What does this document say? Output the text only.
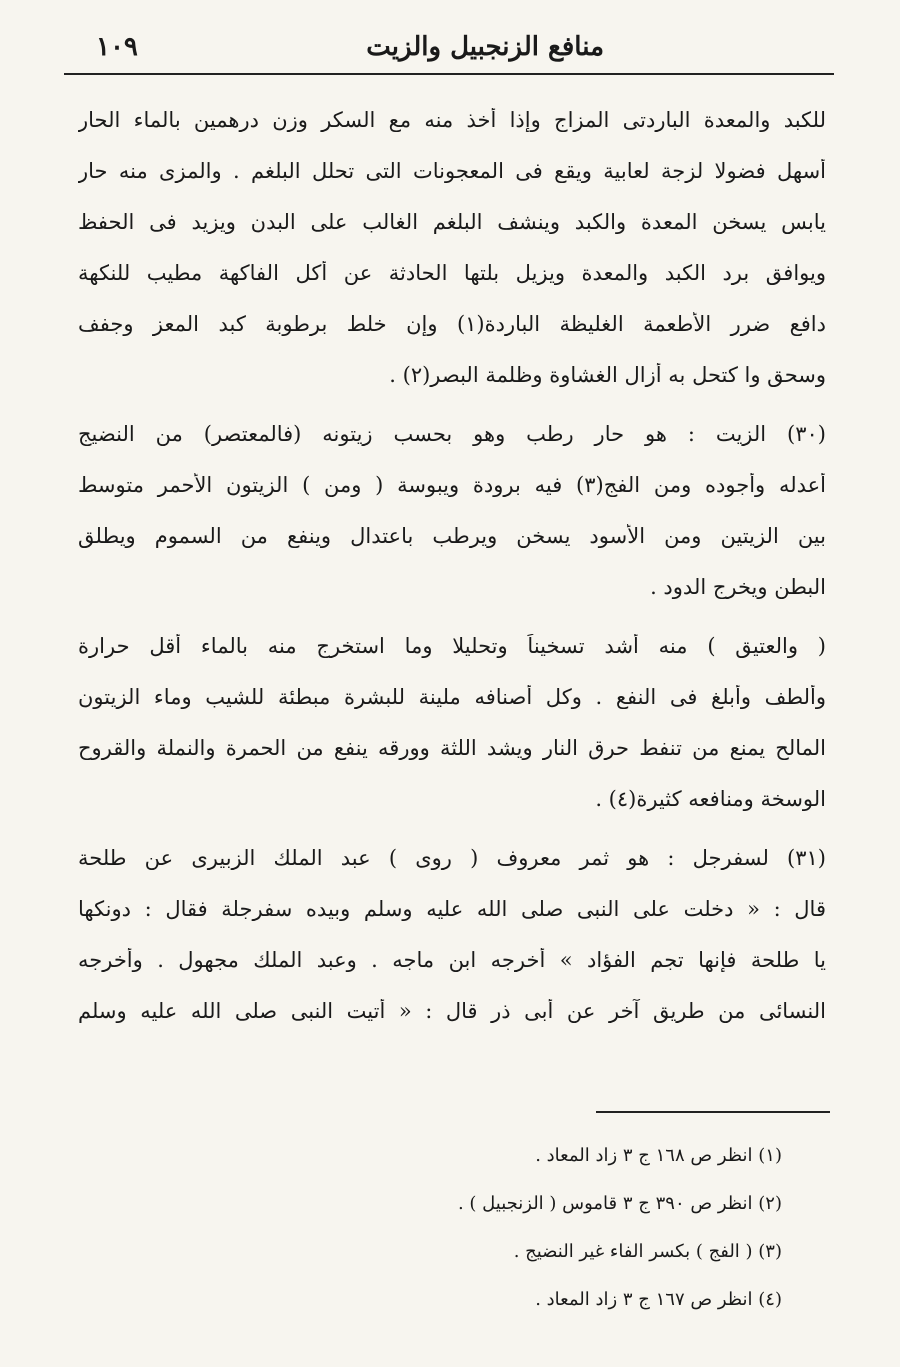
منافع الزنجبيل والزيت
١٠٩
للكبد والمعدة الباردتى المزاج وإذا أخذ منه مع السكر وزن درهمين بالماء الحار
أسهل فضولا لزجة لعابية ويقع فى المعجونات التى تحلل البلغم . والمزى منه حار
يابس يسخن المعدة والكبد وينشف البلغم الغالب على البدن ويزيد فى الحفظ
ويوافق برد الكبد والمعدة ويزيل بلتها الحادثة عن أكل الفاكهة مطيب للنكهة
دافع ضرر الأطعمة الغليظة الباردة(١) وإن خلط برطوبة كبد المعز وجفف
وسحق وا كتحل به أزال الغشاوة وظلمة البصر(٢) .
(٣٠) الزيت : هو حار رطب وهو بحسب زيتونه (فالمعتصر) من النضيج
أعدله وأجوده ومن الفج(٣) فيه برودة ويبوسة ( ومن ) الزيتون الأحمر متوسط
بين الزيتين ومن الأسود يسخن ويرطب باعتدال وينفع من السموم ويطلق
البطن ويخرج الدود .
( والعتيق ) منه أشد تسخيناً وتحليلا وما استخرج منه بالماء أقل حرارة
وألطف وأبلغ فى النفع . وكل أصنافه ملينة للبشرة مبطئة للشيب وماء الزيتون
المالح يمنع من تنفط حرق النار ويشد اللثة وورقه ينفع من الحمرة والنملة والقروح
الوسخة ومنافعه كثيرة(٤) .
(٣١) لسفرجل : هو ثمر معروف ( روى ) عبد الملك الزبيرى عن طلحة
قال : « دخلت على النبى صلى الله عليه وسلم وبيده سفرجلة فقال : دونكها
يا طلحة فإنها تجم الفؤاد » أخرجه ابن ماجه . وعبد الملك مجهول . وأخرجه
النسائى من طريق آخر عن أبى ذر قال : « أتيت النبى صلى الله عليه وسلم
(١) انظر ص ١٦٨ ج ٣ زاد المعاد .
(٢) انظر ص ٣٩٠ ج ٣ قاموس ( الزنجبيل ) .
(٣) ( الفج ) بكسر الفاء غير النضيج .
(٤) انظر ص ١٦٧ ج ٣ زاد المعاد .
